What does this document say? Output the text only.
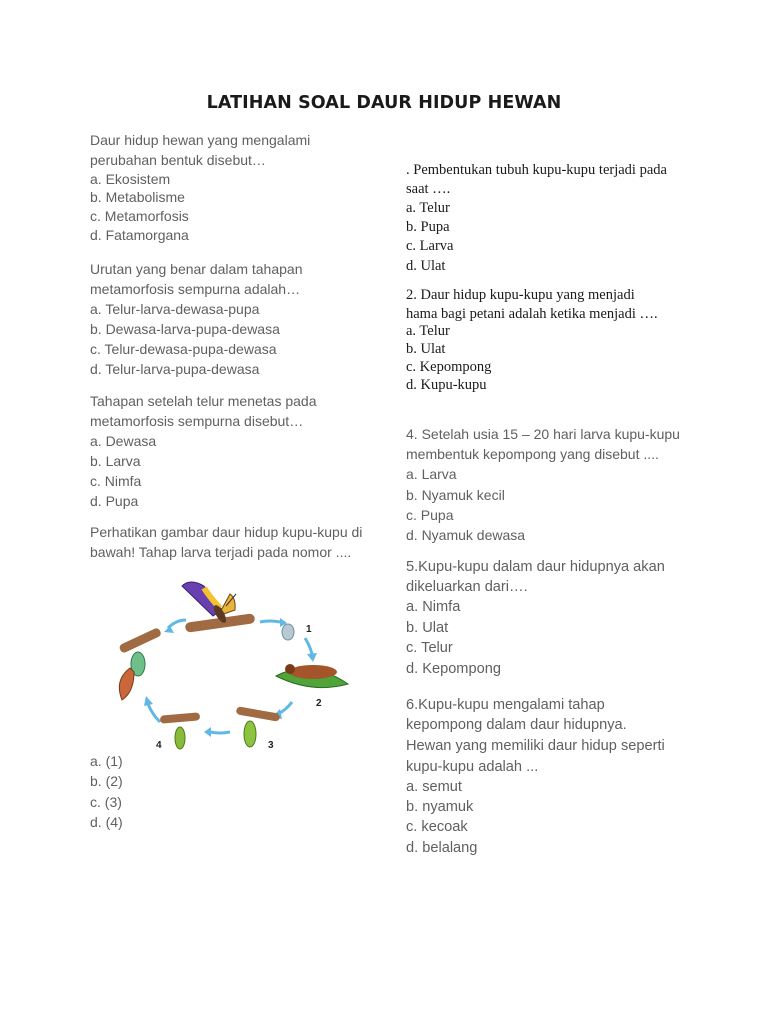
LATIHAN SOAL DAUR HIDUP HEWAN
Daur hidup hewan yang mengalami
perubahan bentuk disebut…
a. Ekosistem
b. Metabolisme
c. Metamorfosis
d. Fatamorgana
Urutan yang benar dalam tahapan
metamorfosis sempurna adalah…
a. Telur-larva-dewasa-pupa
b. Dewasa-larva-pupa-dewasa
c. Telur-dewasa-pupa-dewasa
d. Telur-larva-pupa-dewasa
Tahapan setelah telur menetas pada
metamorfosis sempurna disebut…
a. Dewasa
b. Larva
c. Nimfa
d. Pupa
Perhatikan gambar daur hidup kupu-kupu di
bawah! Tahap larva terjadi pada nomor ....
1
2
3
4
a. (1)
b. (2)
c. (3)
d. (4)
. Pembentukan tubuh kupu-kupu terjadi pada
saat ….
a. Telur
b. Pupa
c. Larva
d. Ulat
2. Daur hidup kupu-kupu yang menjadi
hama bagi petani adalah ketika menjadi ….
a. Telur
b. Ulat
c. Kepompong
d. Kupu-kupu
4. Setelah usia 15 – 20 hari larva kupu-kupu
membentuk kepompong yang disebut ....
a. Larva
b. Nyamuk kecil
c. Pupa
d. Nyamuk dewasa
5.Kupu-kupu dalam daur hidupnya akan
dikeluarkan dari….
a. Nimfa
b. Ulat
c. Telur
d. Kepompong
6.Kupu-kupu mengalami tahap
kepompong dalam daur hidupnya.
Hewan yang memiliki daur hidup seperti
kupu-kupu adalah ...
a. semut
b. nyamuk
c. kecoak
d. belalang
